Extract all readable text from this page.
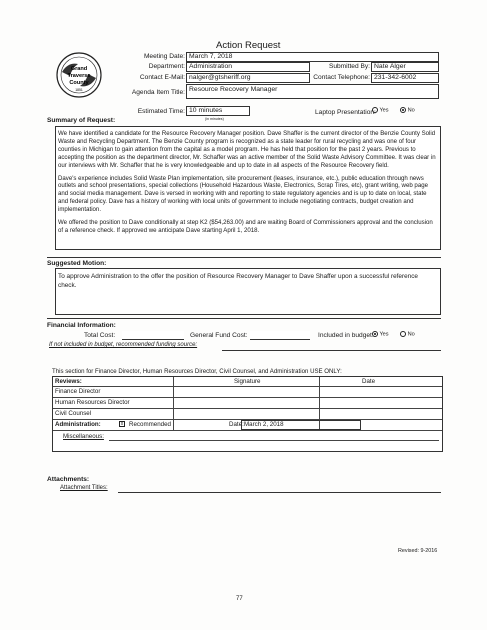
Grand
Traverse
County
1851
Action Request
Meeting Date: March 7, 2018
Department: Administration	Submitted By: Nate Alger
Contact E-Mail: nalger@gtsheriff.org	Contact Telephone: 231-342-6002
Agenda Item Title: Resource Recovery Manager
Estimated Time: 10 minutes
(in minutes)
Laptop Presentation: Yes	No
Summary of Request:

We have identified a candidate for the Resource Recovery Manager position. Dave Shaffer is the current director of the Benzie County Solid Waste and Recycling Department. The Benzie County program is recognized as a state leader for rural recycling and was one of four counties in Michigan to gain attention from the capital as a model program. He has held that position for the past 2 years. Previous to accepting the position as the department director, Mr. Schaffer was an active member of the Solid Waste Advisory Committee. It was clear in our interviews with Mr. Schaffer that he is very knowledgeable and up to date in all aspects of the Resource Recovery field.

Dave's experience includes Solid Waste Plan implementation, site procurement (leases, insurance, etc.), public education through news outlets and school presentations, special collections (Household Hazardous Waste, Electronics, Scrap Tires, etc), grant writing, web page and social media management. Dave is versed in working with and reporting to state regulatory agencies and is up to date on local, state and federal policy. Dave has a history of working with local units of government to include negotiating contracts, budget creation and implementation.

We offered the position to Dave conditionally at step K2 ($54,263.00) and are waiting Board of Commissioners approval and the conclusion of a reference check. If approved we anticipate Dave starting April 1, 2018.

Suggested Motion:

To approve Administration to the offer the position of Resource Recovery Manager to Dave Shaffer upon a successful reference check.

Financial Information:
Total Cost:	General Fund Cost:	Included in budget:	Yes	No
If not included in budget, recommended funding source:
This section for Finance Director, Human Resources Director, Civil Counsel, and Administration USE ONLY:
Reviews:	Signature	Date
Finance Director
Human Resources Director
Civil Counsel
Administration:	x Recommended	Date: March 2, 2018
Miscellaneous:
Attachments:
Attachment Titles:
Revised: 9-2016
77
